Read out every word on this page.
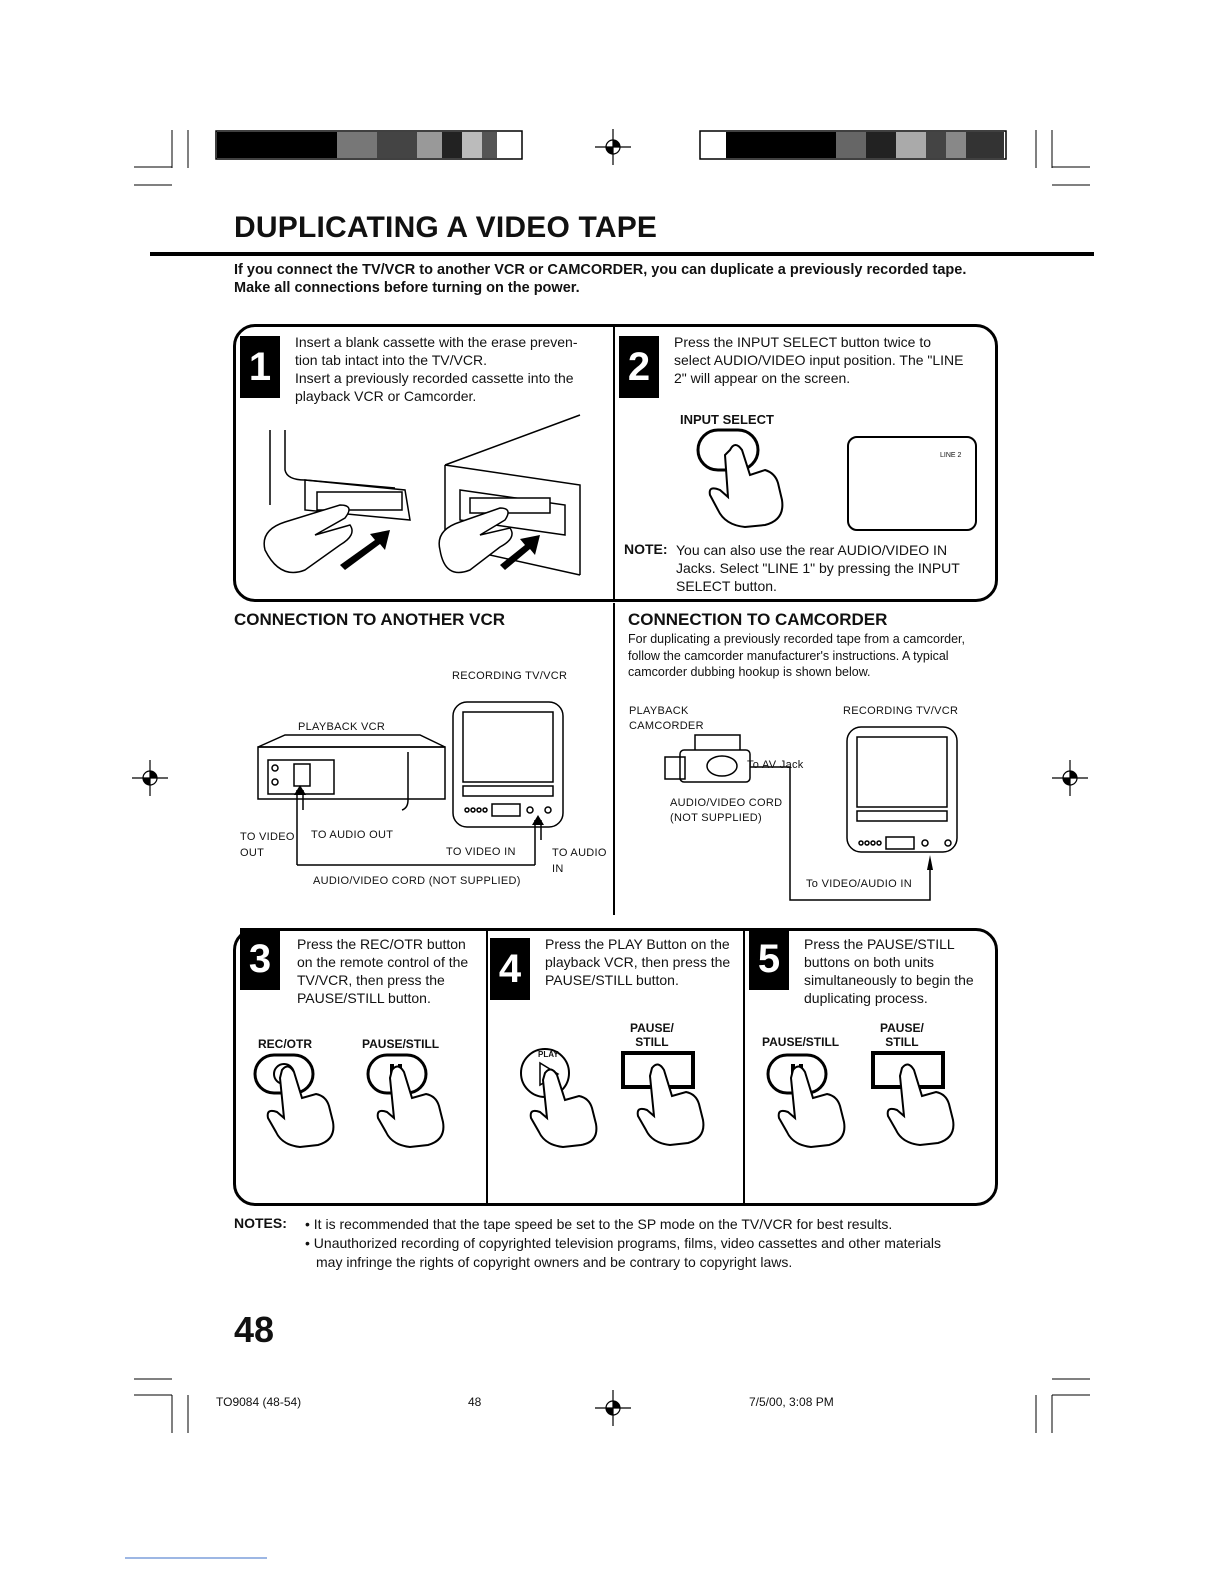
DUPLICATING A VIDEO TAPE
If you connect the TV/VCR to another VCR or CAMCORDER, you can duplicate a previously recorded tape.
Make all connections before turning on the power.
1
Insert a blank cassette with the erase preven-
tion tab intact into the TV/VCR.
Insert a previously recorded cassette into the
playback VCR or Camcorder.
2
Press the INPUT SELECT button twice to
select AUDIO/VIDEO input position. The "LINE
2" will appear on the screen.
INPUT SELECT
LINE 2
NOTE: You can also use the rear AUDIO/VIDEO IN
Jacks. Select "LINE 1" by pressing the INPUT
SELECT button.
CONNECTION TO ANOTHER VCR
RECORDING TV/VCR
PLAYBACK VCR
TO VIDEO
OUT
TO AUDIO OUT
TO VIDEO IN	TO AUDIO
IN
AUDIO/VIDEO CORD (NOT SUPPLIED)
CONNECTION TO CAMCORDER
For duplicating a previously recorded tape from a camcorder,
follow the camcorder manufacturer's instructions. A typical
camcorder dubbing hookup is shown below.
PLAYBACK
CAMCORDER
RECORDING TV/VCR
To AV Jack
AUDIO/VIDEO CORD
(NOT SUPPLIED)
To VIDEO/AUDIO IN
3	Press the REC/OTR button
on the remote control of the
TV/VCR, then press the
PAUSE/STILL button.
REC/OTR	PAUSE/STILL
4
Press the PLAY Button on the
playback VCR, then press the
PAUSE/STILL button.
PAUSE/
STILL
PLAY
5	Press the PAUSE/STILL
buttons on both units
simultaneously to begin the
duplicating process.
PAUSE/STILL
PAUSE/
STILL
NOTES: • It is recommended that the tape speed be set to the SP mode on the TV/VCR for best results.
• Unauthorized recording of copyrighted television programs, films, video cassettes and other materials
may infringe the rights of copyright owners and be contrary to copyright laws.
48
TO9084 (48-54)	48	7/5/00, 3:08 PM
